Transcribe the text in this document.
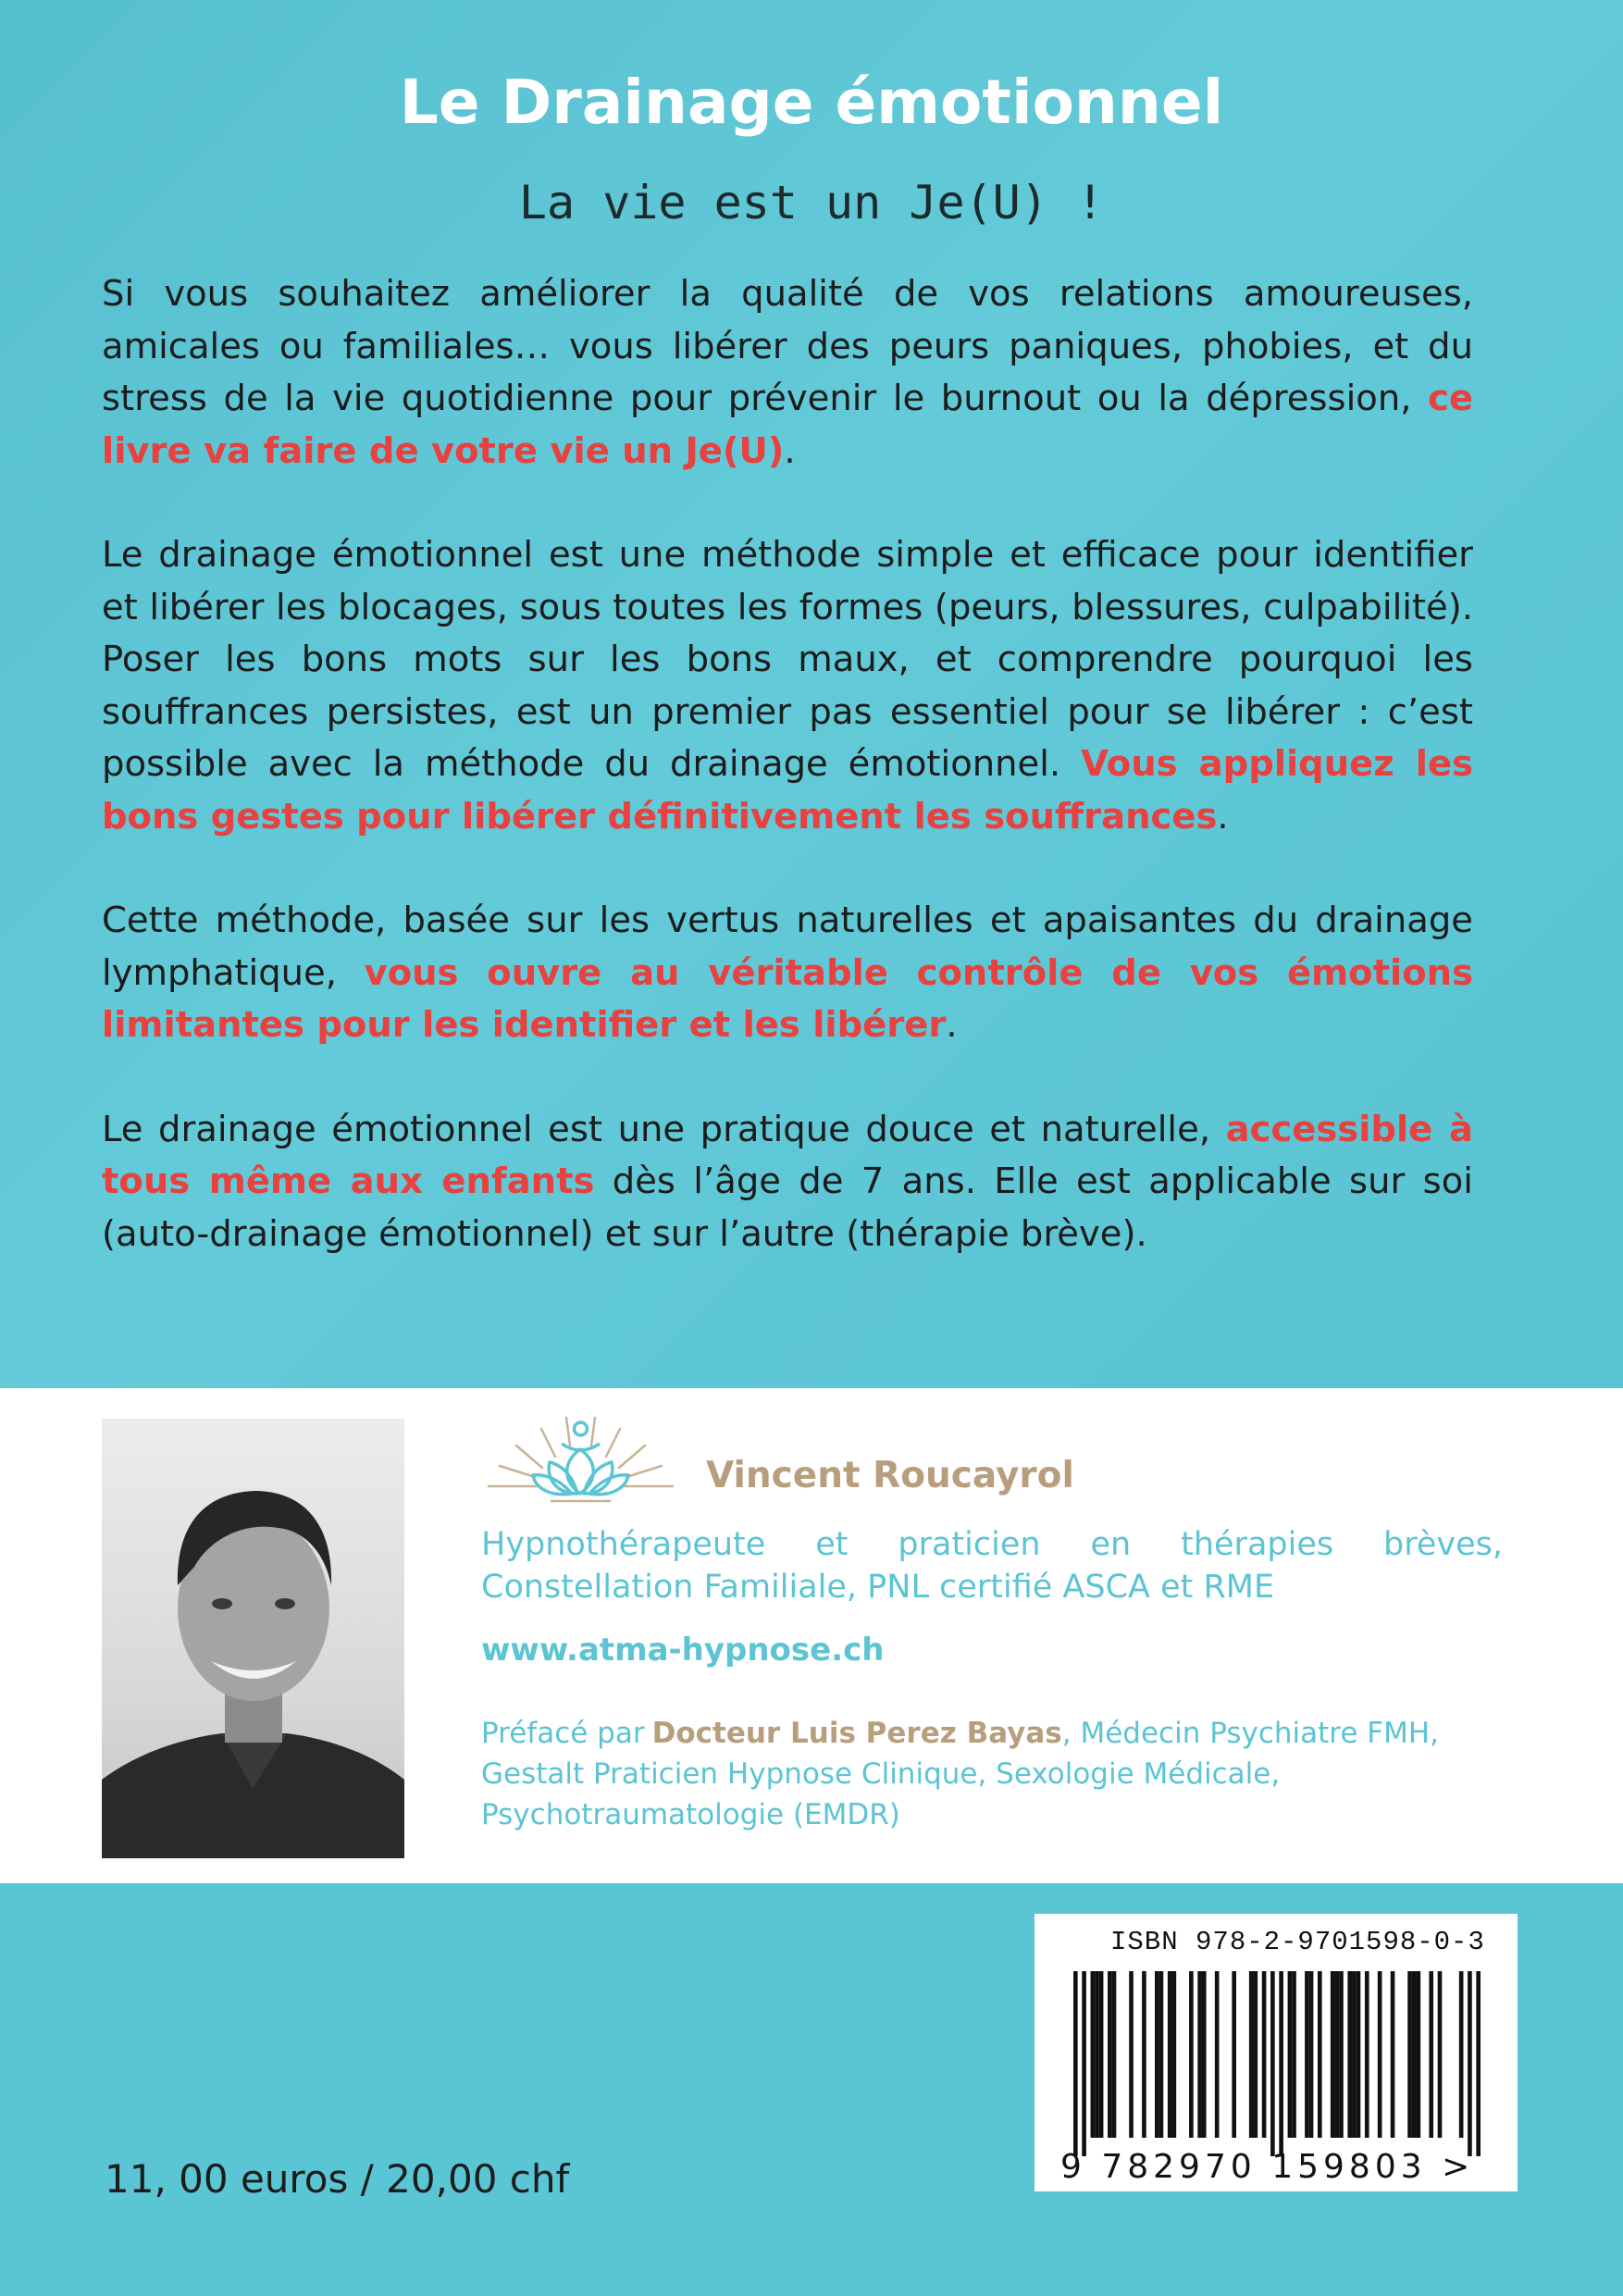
Le Drainage émotionnel
La vie est un Je(U) !

Si vous souhaitez améliorer la qualité de vos relations amoureuses, amicales ou familiales… vous libérer des peurs paniques, phobies, et du stress de la vie quotidienne pour prévenir le burnout ou la dépression, ce livre va faire de votre vie un Je(U).

Le drainage émotionnel est une méthode simple et efficace pour identifier et libérer les blocages, sous toutes les formes (peurs, blessures, culpabilité). Poser les bons mots sur les bons maux, et comprendre pourquoi les souffrances persistes, est un premier pas essentiel pour se libérer : c’est possible avec la méthode du drainage émotionnel. Vous appliquez les bons gestes pour libérer définitivement les souffrances.

Cette méthode, basée sur les vertus naturelles et apaisantes du drainage lymphatique, vous ouvre au véritable contrôle de vos émotions limitantes pour les identifier et les libérer.

Le drainage émotionnel est une pratique douce et naturelle, accessible à tous même aux enfants dès l’âge de 7 ans. Elle est applicable sur soi (auto-drainage émotionnel) et sur l’autre (thérapie brève).

Vincent Roucayrol
Hypnothérapeute et praticien en thérapies brèves,
Constellation Familiale, PNL certifié ASCA et RME
www.atma-hypnose.ch
Préfacé par Docteur Luis Perez Bayas, Médecin Psychiatre FMH, Gestalt Praticien Hypnose Clinique, Sexologie Médicale, Psychotraumatologie (EMDR)
ISBN 978-2-9701598-0-3
9 782970 159803 >
11, 00 euros / 20,00 chf
